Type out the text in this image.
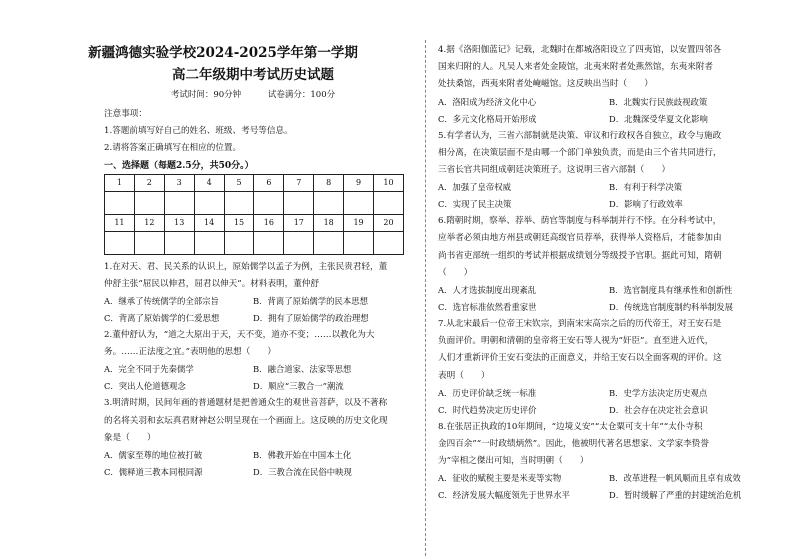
新疆鸿德实验学校2024-2025学年第一学期
高二年级期中考试历史试题
考试时间：90分钟	试卷满分：100分

注意事项：

1.答题前填写好自己的姓名、班级、考号等信息。

2.请将答案正确填写在相应的位置。

一、选择题（每题2.5分，共50分。）

1	2	3	4	5	6	7	8	9	10

11	12	13	14	15	16	17	18	19	20

1.在对天、君、民关系的认识上，原始儒学以孟子为例，主张民贵君轻，董

仲舒主张“屈民以伸君，屈君以伸天”。材料表明，董仲舒

A．继承了传统儒学的全部宗旨	B．背离了原始儒学的民本思想
C．背离了原始儒学的仁爱思想	D．拥有了原始儒学的政治理想

2.董仲舒认为，“道之大原出于天，天不变，道亦不变；……以教化为大

务。……正法度之宜。”表明他的思想（　　）

A．完全不同于先秦儒学	B．融合道家、法家等思想
C．突出人伦道德观念	D．顺应“三教合一”潮流

3.明清时期，民间年画的普通题材是把普通众生的观世音菩萨，以及不著称

的名将关羽和玄坛真君财神赵公明呈现在一个画面上。这反映的历史文化现

象是（　　）

A．儒家至尊的地位被打破	B．佛教开始在中国本土化
C．儒释道三教本同根同源	D．三教合流在民俗中映现

4.据《洛阳伽蓝记》记载，北魏时在都城洛阳设立了四夷馆，以安置四邻各

国来归附的人。凡吴人来者处金陵馆，北夷来附者处燕然馆，东夷来附者

处扶桑馆，西夷来附者处崦嵫馆。这反映出当时（　　）

A．洛阳成为经济文化中心	B．北魏实行民族歧视政策
C．多元文化格局开始形成	D．北魏深受华夏文化影响

5.有学者认为，三省六部制就是决策、审议和行政权各自独立，政令与施政

相分离，在决策层面不是由哪一个部门单独负责，而是由三个省共同进行，

三省长官共同组成朝廷决策班子。这说明三省六部制（　　）

A．加强了皇帝权威	B．有利于科学决策
C．实现了民主决策	D．影响了行政效率

6.隋朝时期，察举、荐举、荫官等制度与科举制并行不悖。在分科考试中，

应举者必须由地方州县或朝廷高级官员荐举，获得举人资格后，才能参加由

尚书省吏部统一组织的考试并根据成绩划分等级授予官职。据此可知，隋朝

（　　）

A．人才选拔制度出现紊乱	B．选官制度具有继承性和创新性
C．选官标准依然看重家世	D．传统选官制度制约科举制发展

7.从北宋最后一位帝王宋钦宗，到南宋宋高宗之后的历代帝王，对王安石是

负面评价。明朝和清朝的皇帝将王安石等人视为“奸臣”。直至进入近代，

人们才重新评价王安石变法的正面意义，并给王安石以全面客观的评价。这

表明（　　）

A．历史评价缺乏统一标准	B．史学方法决定历史观点
C．时代趋势决定历史评价	D．社会存在决定社会意识

8.在张居正执政的10年期间，“边境义安”“太仓粟可支十年”“太仆寺积

金四百余”“一时政绩炳然”。因此，他被明代著名思想家、文学家李贽誉

为“宰相之傑出可知，当时明朝（　　）

A．征收的赋税主要是米麦等实物	B．改革进程一帆风顺而且卓有成效
C．经济发展大幅度领先于世界水平	D．暂时缓解了严重的封建统治危机
